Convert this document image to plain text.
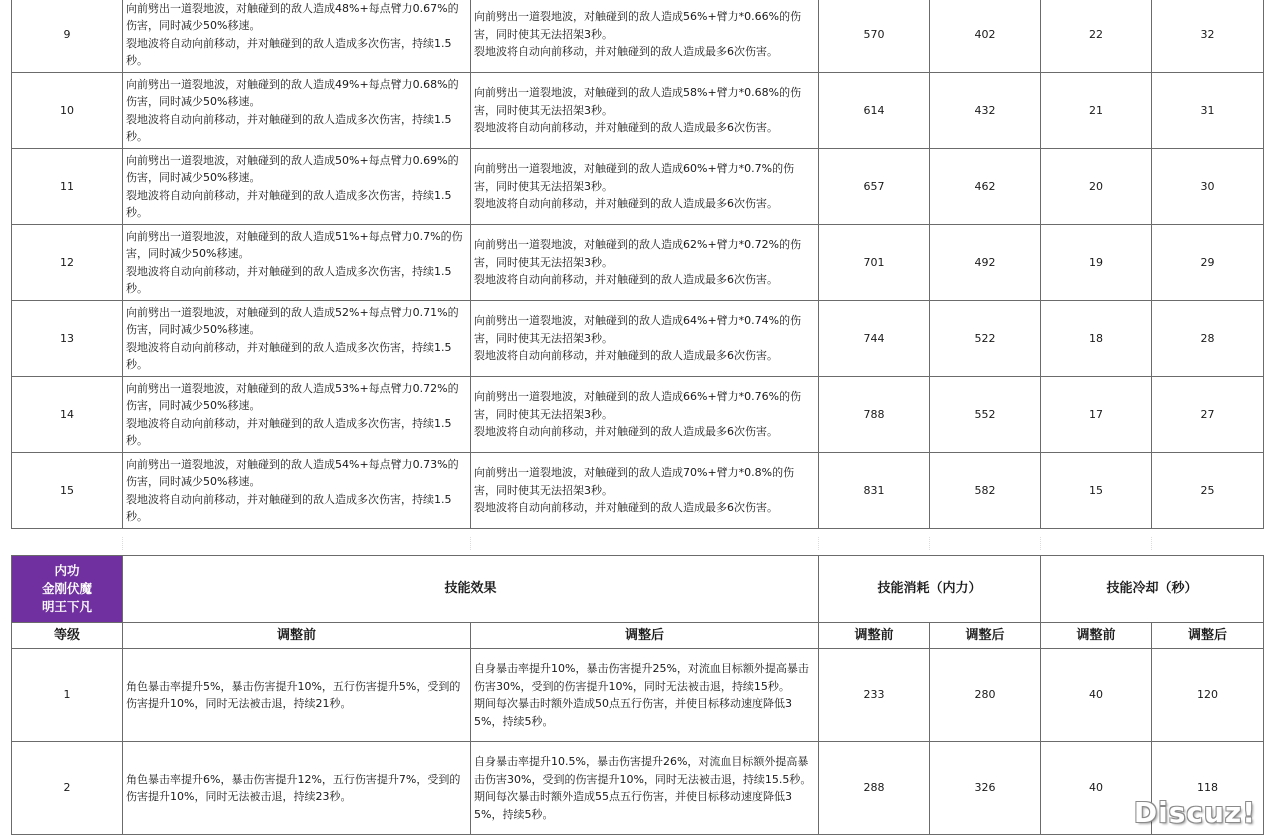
9	向前劈出一道裂地波，对触碰到的敌人造成48%+每点臂力0.67%的伤害，同时减少50%移速。
裂地波将自动向前移动，并对触碰到的敌人造成多次伤害，持续1.5秒。	向前劈出一道裂地波，对触碰到的敌人造成56%+臂力*0.66%的伤害，同时使其无法招架3秒。
裂地波将自动向前移动，并对触碰到的敌人造成最多6次伤害。	570	402	22	32
10	向前劈出一道裂地波，对触碰到的敌人造成49%+每点臂力0.68%的伤害，同时减少50%移速。
裂地波将自动向前移动，并对触碰到的敌人造成多次伤害，持续1.5秒。	向前劈出一道裂地波，对触碰到的敌人造成58%+臂力*0.68%的伤害，同时使其无法招架3秒。
裂地波将自动向前移动，并对触碰到的敌人造成最多6次伤害。	614	432	21	31
11	向前劈出一道裂地波，对触碰到的敌人造成50%+每点臂力0.69%的伤害，同时减少50%移速。
裂地波将自动向前移动，并对触碰到的敌人造成多次伤害，持续1.5秒。	向前劈出一道裂地波，对触碰到的敌人造成60%+臂力*0.7%的伤害，同时使其无法招架3秒。
裂地波将自动向前移动，并对触碰到的敌人造成最多6次伤害。	657	462	20	30
12	向前劈出一道裂地波，对触碰到的敌人造成51%+每点臂力0.7%的伤害，同时减少50%移速。
裂地波将自动向前移动，并对触碰到的敌人造成多次伤害，持续1.5秒。	向前劈出一道裂地波，对触碰到的敌人造成62%+臂力*0.72%的伤害，同时使其无法招架3秒。
裂地波将自动向前移动，并对触碰到的敌人造成最多6次伤害。	701	492	19	29
13	向前劈出一道裂地波，对触碰到的敌人造成52%+每点臂力0.71%的伤害，同时减少50%移速。
裂地波将自动向前移动，并对触碰到的敌人造成多次伤害，持续1.5秒。	向前劈出一道裂地波，对触碰到的敌人造成64%+臂力*0.74%的伤害，同时使其无法招架3秒。
裂地波将自动向前移动，并对触碰到的敌人造成最多6次伤害。	744	522	18	28
14	向前劈出一道裂地波，对触碰到的敌人造成53%+每点臂力0.72%的伤害，同时减少50%移速。
裂地波将自动向前移动，并对触碰到的敌人造成多次伤害，持续1.5秒。	向前劈出一道裂地波，对触碰到的敌人造成66%+臂力*0.76%的伤害，同时使其无法招架3秒。
裂地波将自动向前移动，并对触碰到的敌人造成最多6次伤害。	788	552	17	27
15	向前劈出一道裂地波，对触碰到的敌人造成54%+每点臂力0.73%的伤害，同时减少50%移速。
裂地波将自动向前移动，并对触碰到的敌人造成多次伤害，持续1.5秒。	向前劈出一道裂地波，对触碰到的敌人造成70%+臂力*0.8%的伤害，同时使其无法招架3秒。
裂地波将自动向前移动，并对触碰到的敌人造成最多6次伤害。	831	582	15	25
内功
金刚伏魔
明王下凡	技能效果		技能消耗（内力）		技能冷却（秒）	
等级	调整前	调整后	调整前	调整后	调整前	调整后
1	角色暴击率提升5%，暴击伤害提升10%，五行伤害提升5%，受到的伤害提升10%，同时无法被击退，持续21秒。	自身暴击率提升10%，暴击伤害提升25%，对流血目标额外提高暴击伤害30%，受到的伤害提升10%，同时无法被击退，持续15秒。
期间每次暴击时额外造成50点五行伤害，并使目标移动速度降低35%，持续5秒。	233	280	40	120
2	角色暴击率提升6%，暴击伤害提升12%，五行伤害提升7%，受到的伤害提升10%，同时无法被击退，持续23秒。	自身暴击率提升10.5%，暴击伤害提升26%，对流血目标额外提高暴击伤害30%，受到的伤害提升10%，同时无法被击退，持续15.5秒。
期间每次暴击时额外造成55点五行伤害，并使目标移动速度降低35%，持续5秒。	288	326	40	118
Discuz!
